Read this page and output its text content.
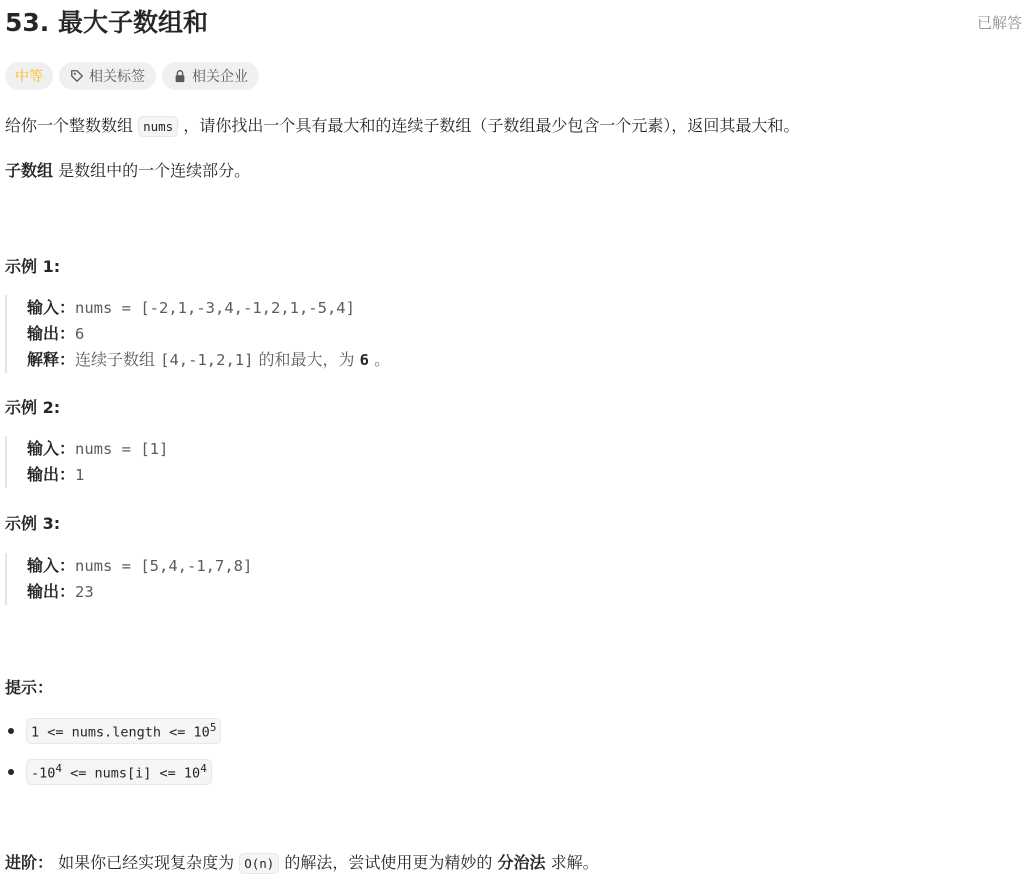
53. 最大子数组和	已解答
中等	相关标签	相关企业
给你一个整数数组 nums ，请你找出一个具有最大和的连续子数组（子数组最少包含一个元素），返回其最大和。
子数组 是数组中的一个连续部分。
示例 1:
输入：nums = [-2,1,-3,4,-1,2,1,-5,4]
输出：6
解释：连续子数组 [4,-1,2,1] 的和最大，为 6 。
示例 2:
输入：nums = [1]
输出：1
示例 3:
输入：nums = [5,4,-1,7,8]
输出：23
提示：
1 <= nums.length <= $10^5$
$-10^4$ <= nums[i] <= $10^4$
进阶： 如果你已经实现复杂度为 O(n) 的解法，尝试使用更为精妙的 分治法 求解。
